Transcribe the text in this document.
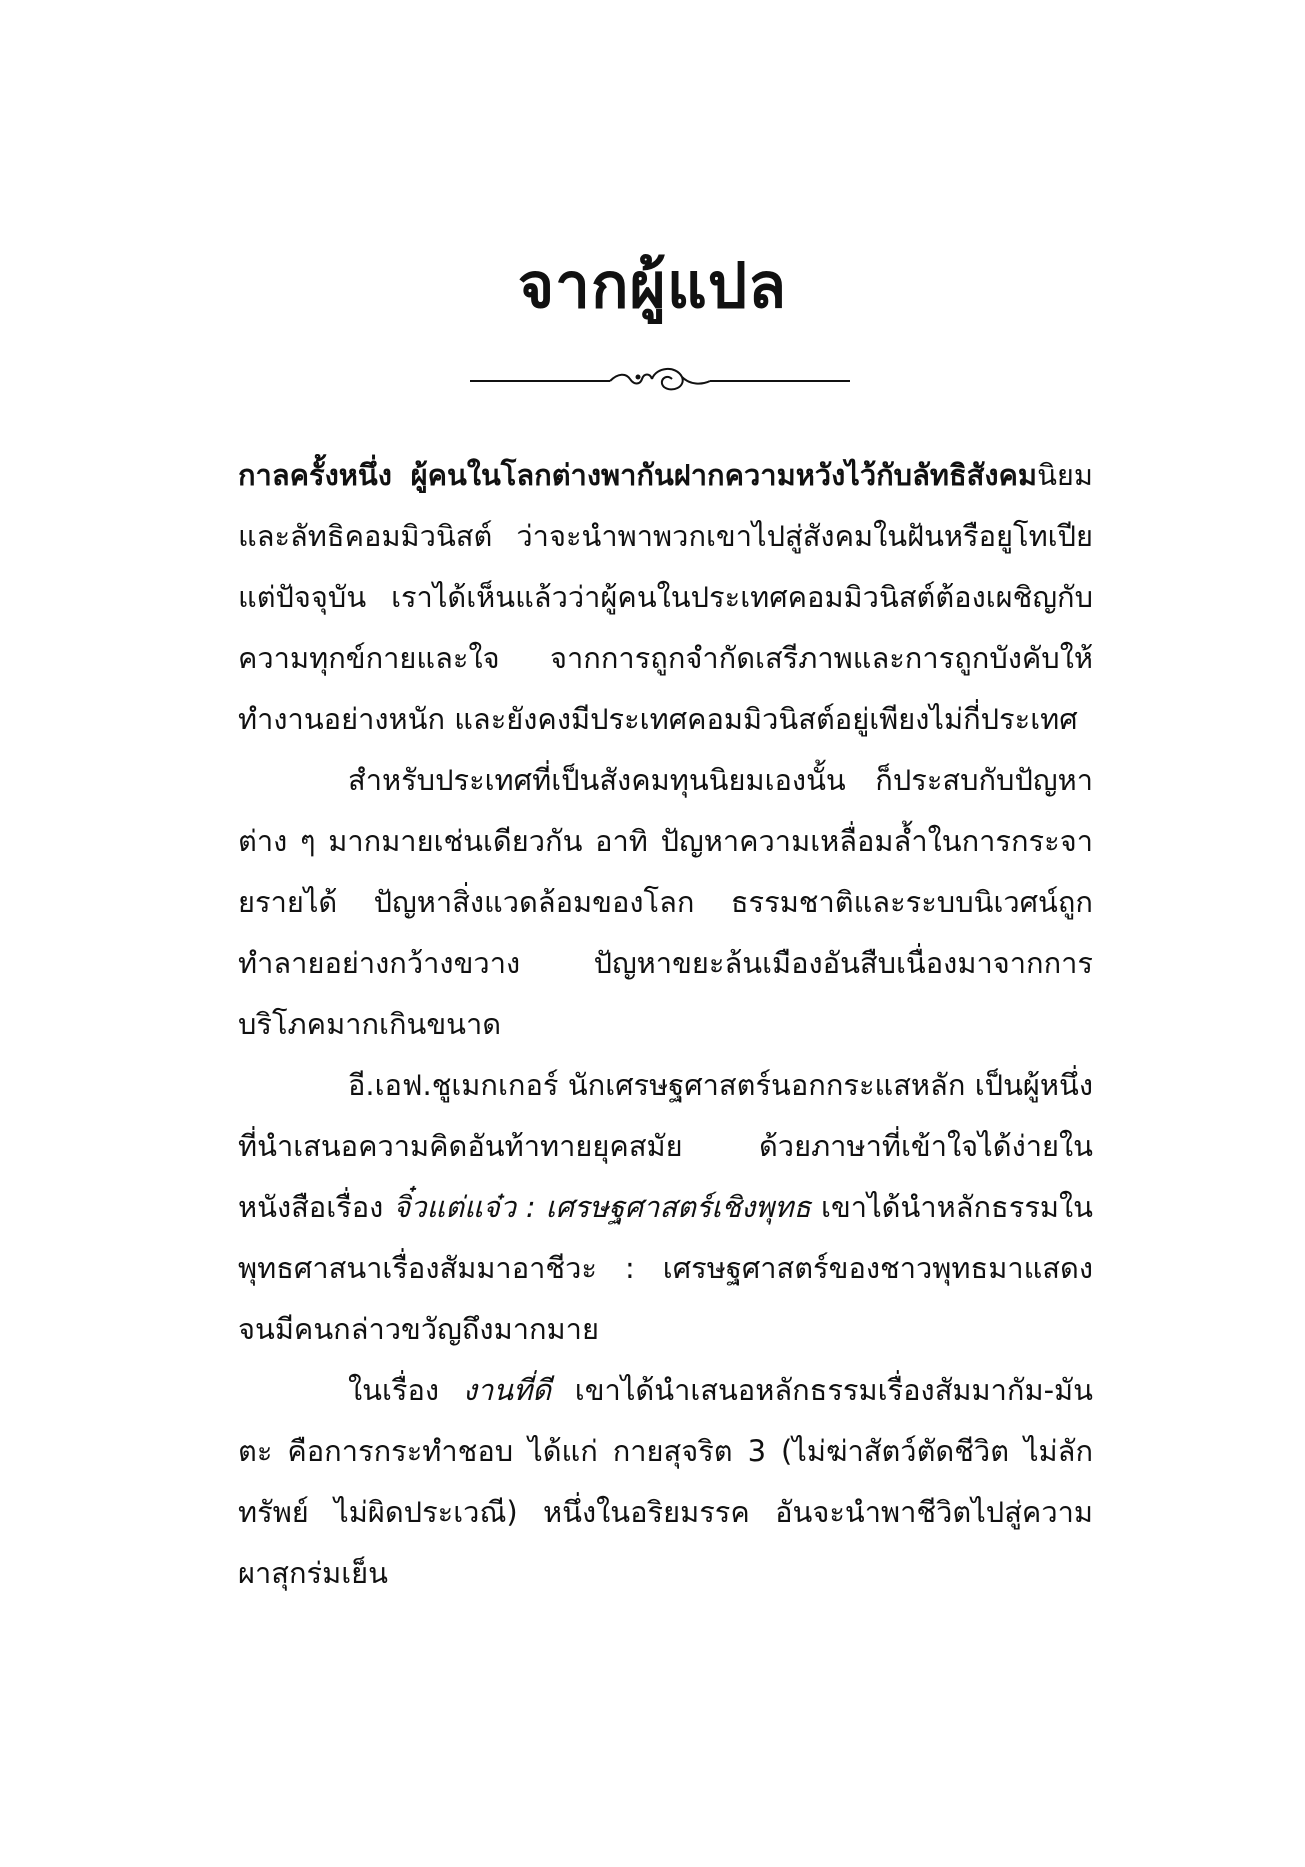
จากผู้แปล

กาลครั้งหนึ่ง ผู้คนในโลกต่างพากันฝากความหวังไว้กับลัทธิสังคมนิยมและลัทธิคอมมิวนิสต์ ว่าจะนำพาพวกเขาไปสู่สังคมในฝันหรือยูโทเปีย แต่ปัจจุบัน เราได้เห็นแล้วว่าผู้คนในประเทศคอมมิวนิสต์ต้องเผชิญกับความทุกข์กายและใจ จากการถูกจำกัดเสรีภาพและการถูกบังคับให้ทำงานอย่างหนัก และยังคงมีประเทศคอมมิวนิสต์อยู่เพียงไม่กี่ประเทศ

สำหรับประเทศที่เป็นสังคมทุนนิยมเองนั้น ก็ประสบกับปัญหาต่าง ๆ มากมายเช่นเดียวกัน อาทิ ปัญหาความเหลื่อมล้ำในการกระจายรายได้ ปัญหาสิ่งแวดล้อมของโลก ธรรมชาติและระบบนิเวศน์ถูกทำลายอย่างกว้างขวาง ปัญหาขยะล้นเมืองอันสืบเนื่องมาจากการบริโภคมากเกินขนาด

อี.เอฟ.ชูเมกเกอร์ นักเศรษฐศาสตร์นอกกระแสหลัก เป็นผู้หนึ่งที่นำเสนอความคิดอันท้าทายยุคสมัย ด้วยภาษาที่เข้าใจได้ง่ายในหนังสือเรื่อง จิ๋วแต่แจ๋ว : เศรษฐศาสตร์เชิงพุทธ เขาได้นำหลักธรรมในพุทธศาสนาเรื่องสัมมาอาชีวะ : เศรษฐศาสตร์ของชาวพุทธมาแสดง จนมีคนกล่าวขวัญถึงมากมาย

ในเรื่อง งานที่ดี เขาได้นำเสนอหลักธรรมเรื่องสัมมากัม-มันตะ คือการกระทำชอบ ได้แก่ กายสุจริต 3 (ไม่ฆ่าสัตว์ตัดชีวิต ไม่ลักทรัพย์ ไม่ผิดประเวณี) หนึ่งในอริยมรรค อันจะนำพาชีวิตไปสู่ความผาสุกร่มเย็น
